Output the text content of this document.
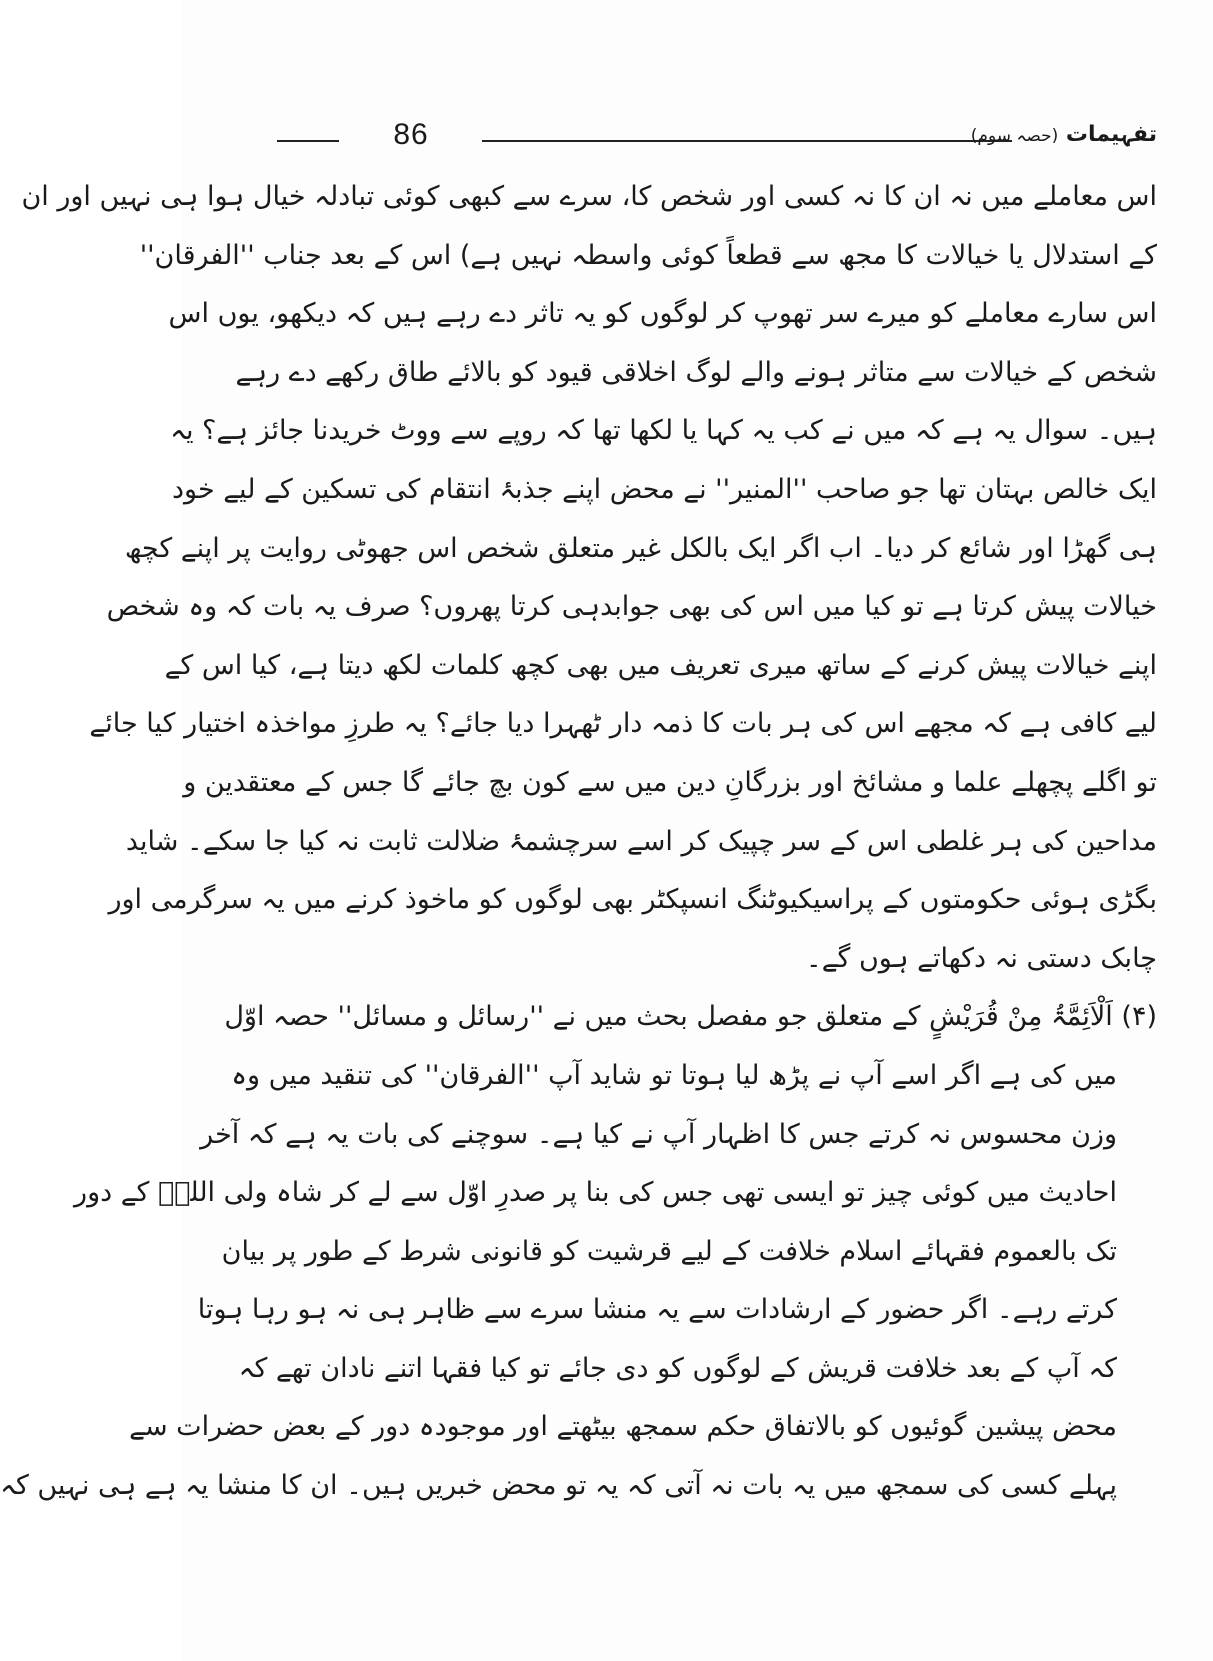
86	تفہیمات (حصہ سوم)
اس معاملے میں نہ ان کا نہ کسی اور شخص کا، سرے سے کبھی کوئی تبادلہ خیال ہوا ہی نہیں اور ان
کے استدلال یا خیالات کا مجھ سے قطعاً کوئی واسطہ نہیں ہے) اس کے بعد جناب ''الفرقان''
اس سارے معاملے کو میرے سر تھوپ کر لوگوں کو یہ تاثر دے رہے ہیں کہ دیکھو، یوں اس
شخص کے خیالات سے متاثر ہونے والے لوگ اخلاقی قیود کو بالائے طاق رکھے دے رہے
ہیں۔ سوال یہ ہے کہ میں نے کب یہ کہا یا لکھا تھا کہ روپے سے ووٹ خریدنا جائز ہے؟ یہ
ایک خالص بہتان تھا جو صاحب ''المنیر'' نے محض اپنے جذبۂ انتقام کی تسکین کے لیے خود
ہی گھڑا اور شائع کر دیا۔ اب اگر ایک بالکل غیر متعلق شخص اس جھوٹی روایت پر اپنے کچھ
خیالات پیش کرتا ہے تو کیا میں اس کی بھی جوابدہی کرتا پھروں؟ صرف یہ بات کہ وہ شخص
اپنے خیالات پیش کرنے کے ساتھ میری تعریف میں بھی کچھ کلمات لکھ دیتا ہے، کیا اس کے
لیے کافی ہے کہ مجھے اس کی ہر بات کا ذمہ دار ٹھہرا دیا جائے؟ یہ طرزِ مواخذہ اختیار کیا جائے
تو اگلے پچھلے علما و مشائخ اور بزرگانِ دین میں سے کون بچ جائے گا جس کے معتقدین و
مداحین کی ہر غلطی اس کے سر چپیک کر اسے سرچشمۂ ضلالت ثابت نہ کیا جا سکے۔ شاید
بگڑی ہوئی حکومتوں کے پراسیکیوٹنگ انسپکٹر بھی لوگوں کو ماخوذ کرنے میں یہ سرگرمی اور
چابک دستی نہ دکھاتے ہوں گے۔
(۴) اَلْاَئِمَّۃُ مِنْ قُرَیْشٍ کے متعلق جو مفصل بحث میں نے ''رسائل و مسائل'' حصہ اوّل
میں کی ہے اگر اسے آپ نے پڑھ لیا ہوتا تو شاید آپ ''الفرقان'' کی تنقید میں وہ
وزن محسوس نہ کرتے جس کا اظہار آپ نے کیا ہے۔ سوچنے کی بات یہ ہے کہ آخر
احادیث میں کوئی چیز تو ایسی تھی جس کی بنا پر صدرِ اوّل سے لے کر شاہ ولی اللہؒ کے دور
تک بالعموم فقہائے اسلام خلافت کے لیے قرشیت کو قانونی شرط کے طور پر بیان
کرتے رہے۔ اگر حضور کے ارشادات سے یہ منشا سرے سے ظاہر ہی نہ ہو رہا ہوتا
کہ آپ کے بعد خلافت قریش کے لوگوں کو دی جائے تو کیا فقہا اتنے نادان تھے کہ
محض پیشین گوئیوں کو بالاتفاق حکم سمجھ بیٹھتے اور موجودہ دور کے بعض حضرات سے
پہلے کسی کی سمجھ میں یہ بات نہ آتی کہ یہ تو محض خبریں ہیں۔ ان کا منشا یہ ہے ہی نہیں کہ
